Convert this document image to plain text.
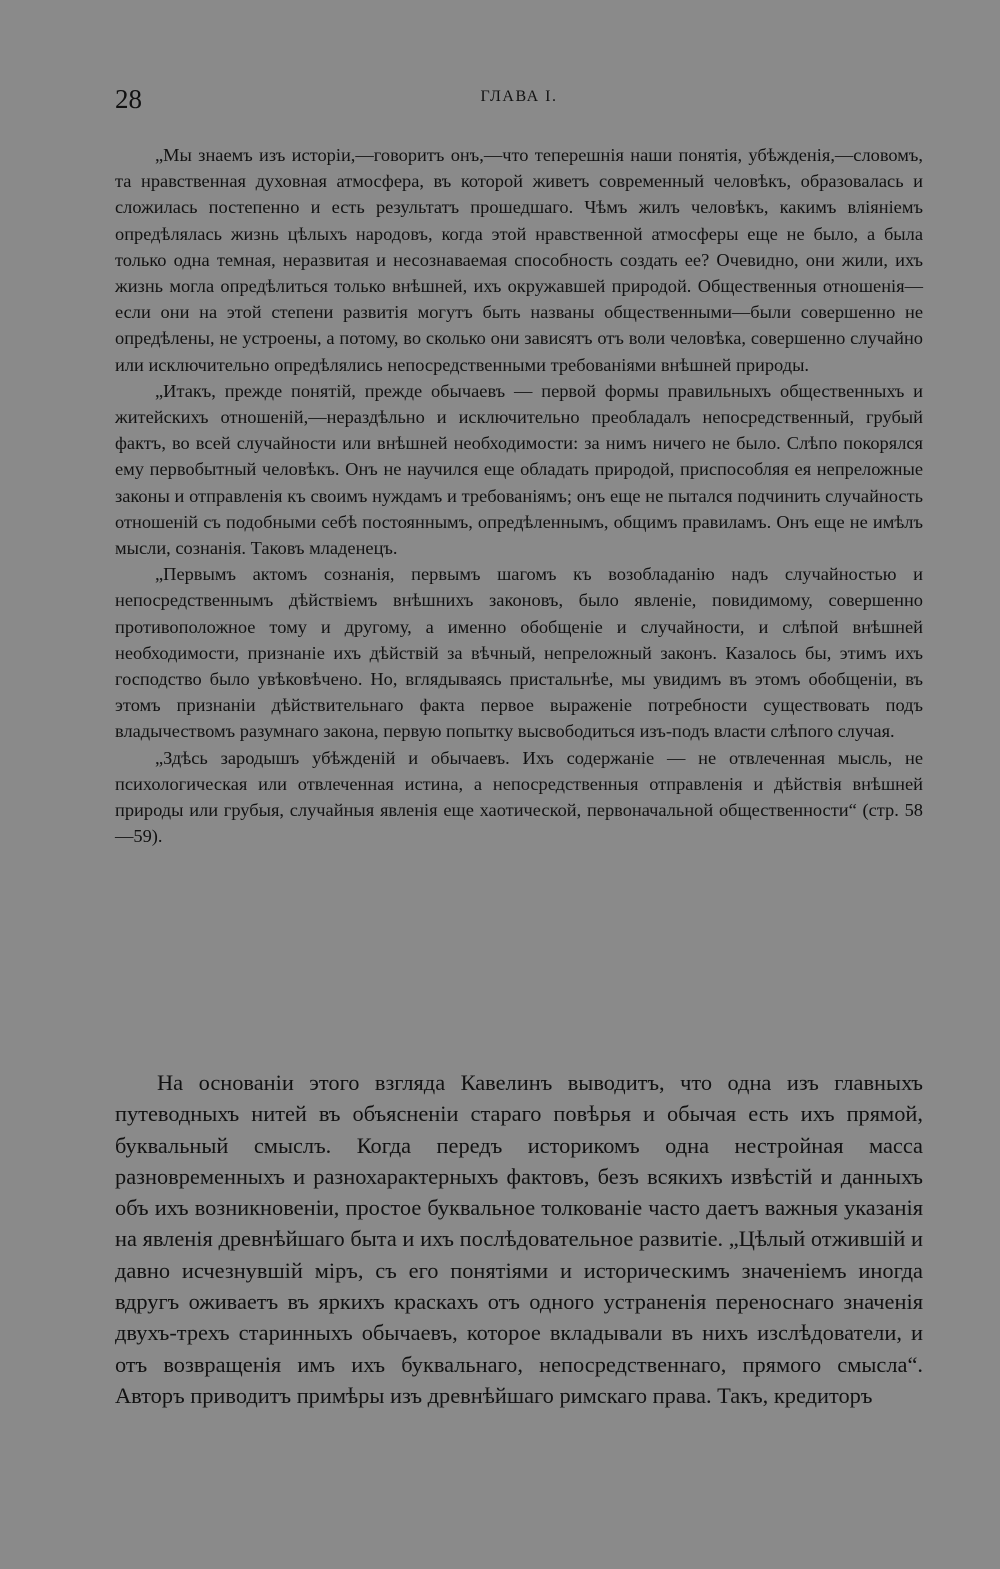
28	ГЛАВА I.

„Мы знаемъ изъ исторіи,—говоритъ онъ,—что теперешнія наши понятія, убѣжденія,—словомъ, та нравственная духовная атмосфера, въ которой живетъ современный человѣкъ, образовалась и сложилась постепенно и есть результатъ прошедшаго. Чѣмъ жилъ человѣкъ, какимъ вліяніемъ опредѣлялась жизнь цѣлыхъ народовъ, когда этой нравственной атмосферы еще не было, а была только одна темная, неразвитая и несознаваемая способность создать ее? Очевидно, они жили, ихъ жизнь могла опредѣлиться только внѣшней, ихъ окружавшей природой. Общественныя отношенія—если они на этой степени развитія могутъ быть названы общественными—были совершенно не опредѣлены, не устроены, а потому, во сколько они зависятъ отъ воли человѣка, совершенно случайно или исключительно опредѣлялись непосредственными требованіями внѣшней природы.

„Итакъ, прежде понятій, прежде обычаевъ — первой формы правильныхъ общественныхъ и житейскихъ отношеній,—нераздѣльно и исключительно преобладалъ непосредственный, грубый фактъ, во всей случайности или внѣшней необходимости: за нимъ ничего не было. Слѣпо покорялся ему первобытный человѣкъ. Онъ не научился еще обладать природой, приспособляя ея непреложные законы и отправленія къ своимъ нуждамъ и требованіямъ; онъ еще не пытался подчинить случайность отношеній съ подобными себѣ постояннымъ, опредѣленнымъ, общимъ правиламъ. Онъ еще не имѣлъ мысли, сознанія. Таковъ младенецъ.

„Первымъ актомъ сознанія, первымъ шагомъ къ возобладанію надъ случайностью и непосредственнымъ дѣйствіемъ внѣшнихъ законовъ, было явленіе, повидимому, совершенно противоположное тому и другому, а именно обобщеніе и случайности, и слѣпой внѣшней необходимости, признаніе ихъ дѣйствій за вѣчный, непреложный законъ. Казалось бы, этимъ ихъ господство было увѣковѣчено. Но, вглядываясь пристальнѣе, мы увидимъ въ этомъ обобщеніи, въ этомъ признаніи дѣйствительнаго факта первое выраженіе потребности существовать подъ владычествомъ разумнаго закона, первую попытку высвободиться изъ-подъ власти слѣпого случая.

„Здѣсь зародышъ убѣжденій и обычаевъ. Ихъ содержаніе — не отвлеченная мысль, не психологическая или отвлеченная истина, а непосредственныя отправленія и дѣйствія внѣшней природы или грубыя, случайныя явленія еще хаотической, первоначальной общественности“ (стр. 58—59).

На основаніи этого взгляда Кавелинъ выводитъ, что одна изъ главныхъ путеводныхъ нитей въ объясненіи стараго повѣрья и обычая есть ихъ прямой, буквальный смыслъ. Когда передъ историкомъ одна нестройная масса разновременныхъ и разнохарактерныхъ фактовъ, безъ всякихъ извѣстій и данныхъ объ ихъ возникновеніи, простое буквальное толкованіе часто даетъ важныя указанія на явленія древнѣйшаго быта и ихъ послѣдовательное развитіе. „Цѣлый отжившій и давно исчезнувшій міръ, съ его понятіями и историческимъ значеніемъ иногда вдругъ оживаетъ въ яркихъ краскахъ отъ одного устраненія переноснаго значенія двухъ-трехъ старинныхъ обычаевъ, которое вкладывали въ нихъ изслѣдователи, и отъ возвращенія имъ ихъ буквальнаго, непосредственнаго, прямого смысла“. Авторъ приводитъ примѣры изъ древнѣйшаго римскаго права. Такъ, кредиторъ
